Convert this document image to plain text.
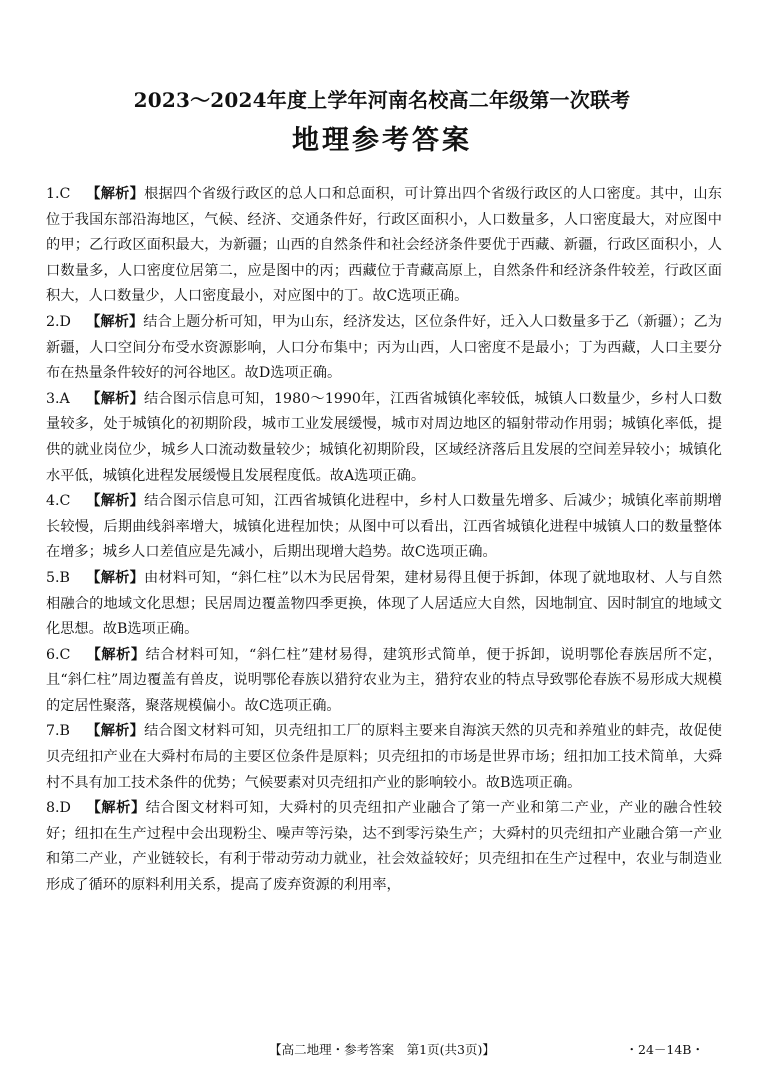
2023～2024年度上学年河南名校高二年级第一次联考
地理参考答案

1.C 【解析】根据四个省级行政区的总人口和总面积，可计算出四个省级行政区的人口密度。其中，山东位于我国东部沿海地区，气候、经济、交通条件好，行政区面积小，人口数量多，人口密度最大，对应图中的甲；乙行政区面积最大，为新疆；山西的自然条件和社会经济条件要优于西藏、新疆，行政区面积小，人口数量多，人口密度位居第二，应是图中的丙；西藏位于青藏高原上，自然条件和经济条件较差，行政区面积大，人口数量少，人口密度最小，对应图中的丁。故C选项正确。

2.D 【解析】结合上题分析可知，甲为山东，经济发达，区位条件好，迁入人口数量多于乙（新疆）；乙为新疆，人口空间分布受水资源影响，人口分布集中；丙为山西，人口密度不是最小；丁为西藏，人口主要分布在热量条件较好的河谷地区。故D选项正确。

3.A 【解析】结合图示信息可知，1980～1990年，江西省城镇化率较低，城镇人口数量少，乡村人口数量较多，处于城镇化的初期阶段，城市工业发展缓慢，城市对周边地区的辐射带动作用弱；城镇化率低，提供的就业岗位少，城乡人口流动数量较少；城镇化初期阶段，区域经济落后且发展的空间差异较小；城镇化水平低，城镇化进程发展缓慢且发展程度低。故A选项正确。

4.C 【解析】结合图示信息可知，江西省城镇化进程中，乡村人口数量先增多、后减少；城镇化率前期增长较慢，后期曲线斜率增大，城镇化进程加快；从图中可以看出，江西省城镇化进程中城镇人口的数量整体在增多；城乡人口差值应是先减小，后期出现增大趋势。故C选项正确。

5.B 【解析】由材料可知，“斜仁柱”以木为民居骨架，建材易得且便于拆卸，体现了就地取材、人与自然相融合的地域文化思想；民居周边覆盖物四季更换，体现了人居适应大自然，因地制宜、因时制宜的地域文化思想。故B选项正确。

6.C 【解析】结合材料可知，“斜仁柱”建材易得，建筑形式简单，便于拆卸，说明鄂伦春族居所不定，且“斜仁柱”周边覆盖有兽皮，说明鄂伦春族以猎狩农业为主，猎狩农业的特点导致鄂伦春族不易形成大规模的定居性聚落，聚落规模偏小。故C选项正确。

7.B 【解析】结合图文材料可知，贝壳纽扣工厂的原料主要来自海滨天然的贝壳和养殖业的蚌壳，故促使贝壳纽扣产业在大舜村布局的主要区位条件是原料；贝壳纽扣的市场是世界市场；纽扣加工技术简单，大舜村不具有加工技术条件的优势；气候要素对贝壳纽扣产业的影响较小。故B选项正确。

8.D 【解析】结合图文材料可知，大舜村的贝壳纽扣产业融合了第一产业和第二产业，产业的融合性较好；纽扣在生产过程中会出现粉尘、噪声等污染，达不到零污染生产；大舜村的贝壳纽扣产业融合第一产业和第二产业，产业链较长，有利于带动劳动力就业，社会效益较好；贝壳纽扣在生产过程中，农业与制造业形成了循环的原料利用关系，提高了废弃资源的利用率，

【高二地理・参考答案　第1页(共3页)】	・24－14B・
